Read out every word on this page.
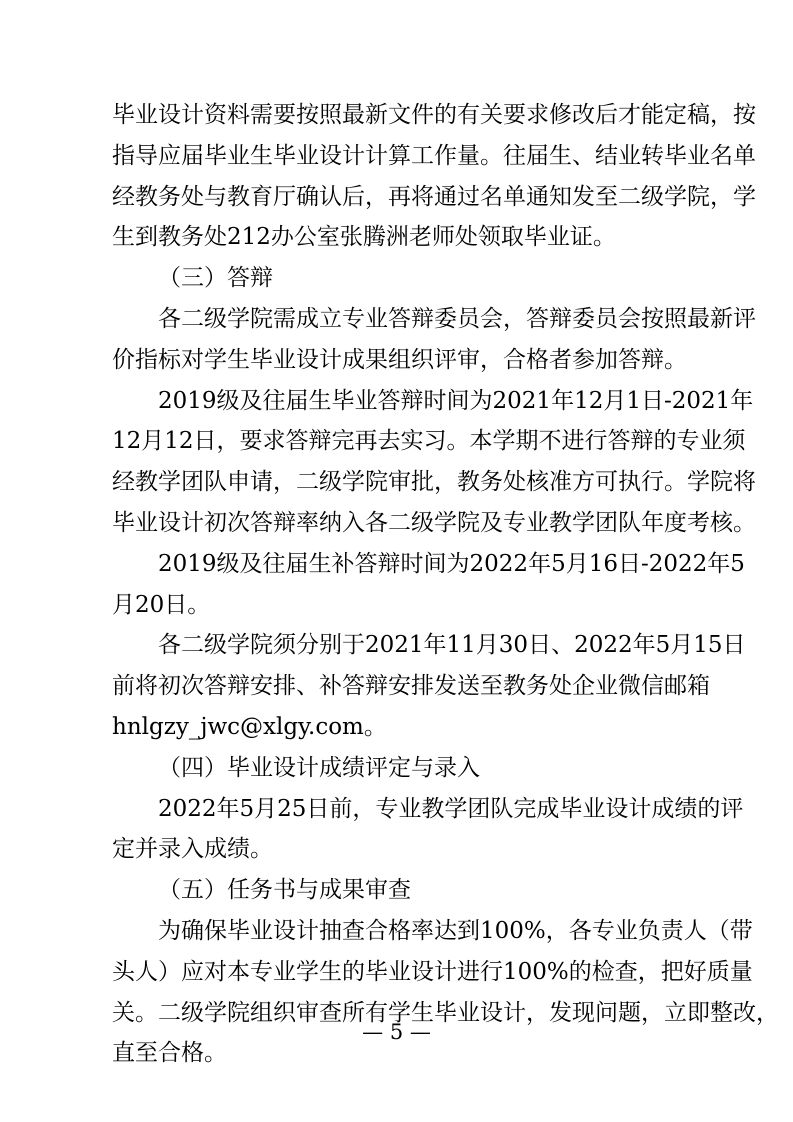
毕业设计资料需要按照最新文件的有关要求修改后才能定稿，按
指导应届毕业生毕业设计计算工作量。往届生、结业转毕业名单
经教务处与教育厅确认后，再将通过名单通知发至二级学院，学
生到教务处212办公室张腾洲老师处领取毕业证。
（三）答辩
各二级学院需成立专业答辩委员会，答辩委员会按照最新评
价指标对学生毕业设计成果组织评审，合格者参加答辩。
2019级及往届生毕业答辩时间为2021年12月1日-2021年
12月12日，要求答辩完再去实习。本学期不进行答辩的专业须
经教学团队申请，二级学院审批，教务处核准方可执行。学院将
毕业设计初次答辩率纳入各二级学院及专业教学团队年度考核。
2019级及往届生补答辩时间为2022年5月16日-2022年5
月20日。
各二级学院须分别于2021年11月30日、2022年5月15日
前将初次答辩安排、补答辩安排发送至教务处企业微信邮箱
hnlgzy_jwc@xlgy.com。
（四）毕业设计成绩评定与录入
2022年5月25日前，专业教学团队完成毕业设计成绩的评
定并录入成绩。
（五）任务书与成果审查
为确保毕业设计抽查合格率达到100%，各专业负责人（带
头人）应对本专业学生的毕业设计进行100%的检查，把好质量
关。二级学院组织审查所有学生毕业设计，发现问题，立即整改，
直至合格。
— 5 —
